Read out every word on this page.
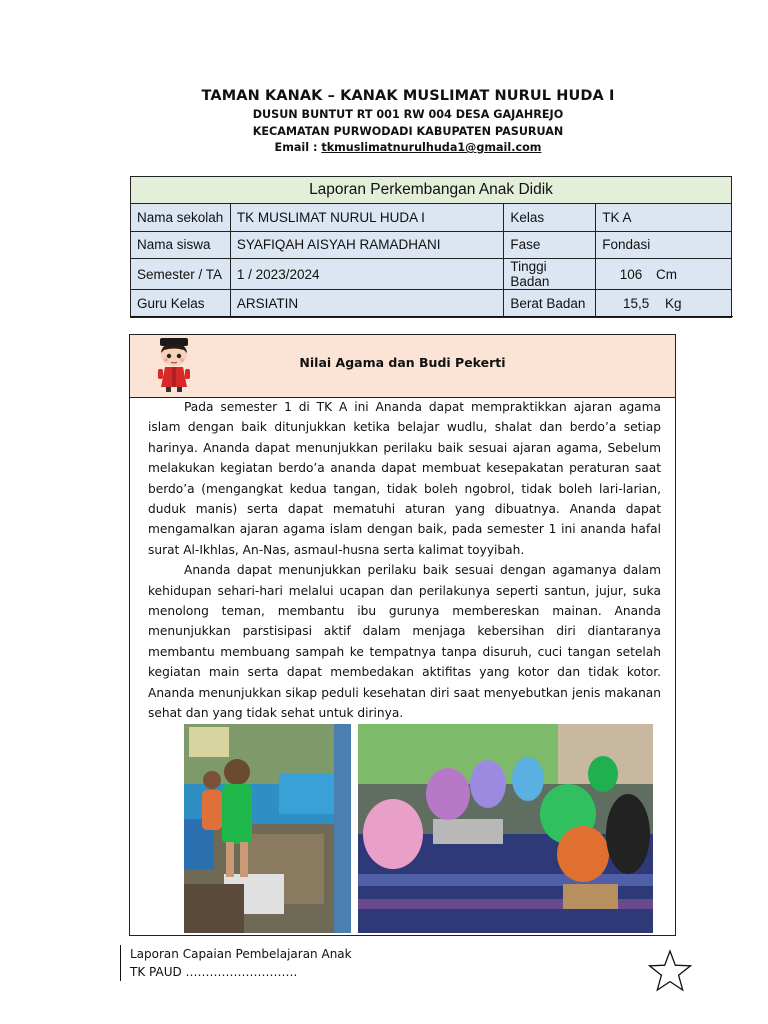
TAMAN KANAK – KANAK MUSLIMAT NURUL HUDA I
DUSUN BUNTUT RT 001 RW 004 DESA GAJAHREJO
KECAMATAN PURWODADI KABUPATEN PASURUAN
Email : tkmuslimatnurulhuda1@gmail.com
Laporan Perkembangan Anak Didik			
Nama sekolah	TK MUSLIMAT NURUL HUDA I	Kelas	TK A
Nama siswa	SYAFIQAH AISYAH RAMADHANI	Fase	Fondasi
Semester / TA	1 / 2023/2024	Tinggi Badan	106 Cm
Guru Kelas	ARSIATIN	Berat Badan	15,5 Kg
Nilai Agama dan Budi Pekerti

Pada semester 1 di TK A ini Ananda dapat mempraktikkan ajaran agama islam dengan baik ditunjukkan ketika belajar wudlu, shalat dan berdo’a setiap harinya. Ananda dapat menunjukkan perilaku baik sesuai ajaran agama, Sebelum melakukan kegiatan berdo’a ananda dapat membuat kesepakatan peraturan saat berdo’a (mengangkat kedua tangan, tidak boleh ngobrol, tidak boleh lari-larian, duduk manis) serta dapat mematuhi aturan yang dibuatnya. Ananda dapat mengamalkan ajaran agama islam dengan baik, pada semester 1 ini ananda hafal surat Al-Ikhlas, An-Nas, asmaul-husna serta kalimat toyyibah.

Ananda dapat menunjukkan perilaku baik sesuai dengan agamanya dalam kehidupan sehari-hari melalui ucapan dan perilakunya seperti santun, jujur, suka menolong teman, membantu ibu gurunya membereskan mainan. Ananda menunjukkan parstisipasi aktif dalam menjaga kebersihan diri diantaranya membantu membuang sampah ke tempatnya tanpa disuruh, cuci tangan setelah kegiatan main serta dapat membedakan aktifitas yang kotor dan tidak kotor. Ananda menunjukkan sikap peduli kesehatan diri saat menyebutkan jenis makanan sehat dan yang tidak sehat untuk dirinya.

Laporan Capaian Pembelajaran Anak
TK PAUD ……………………….
